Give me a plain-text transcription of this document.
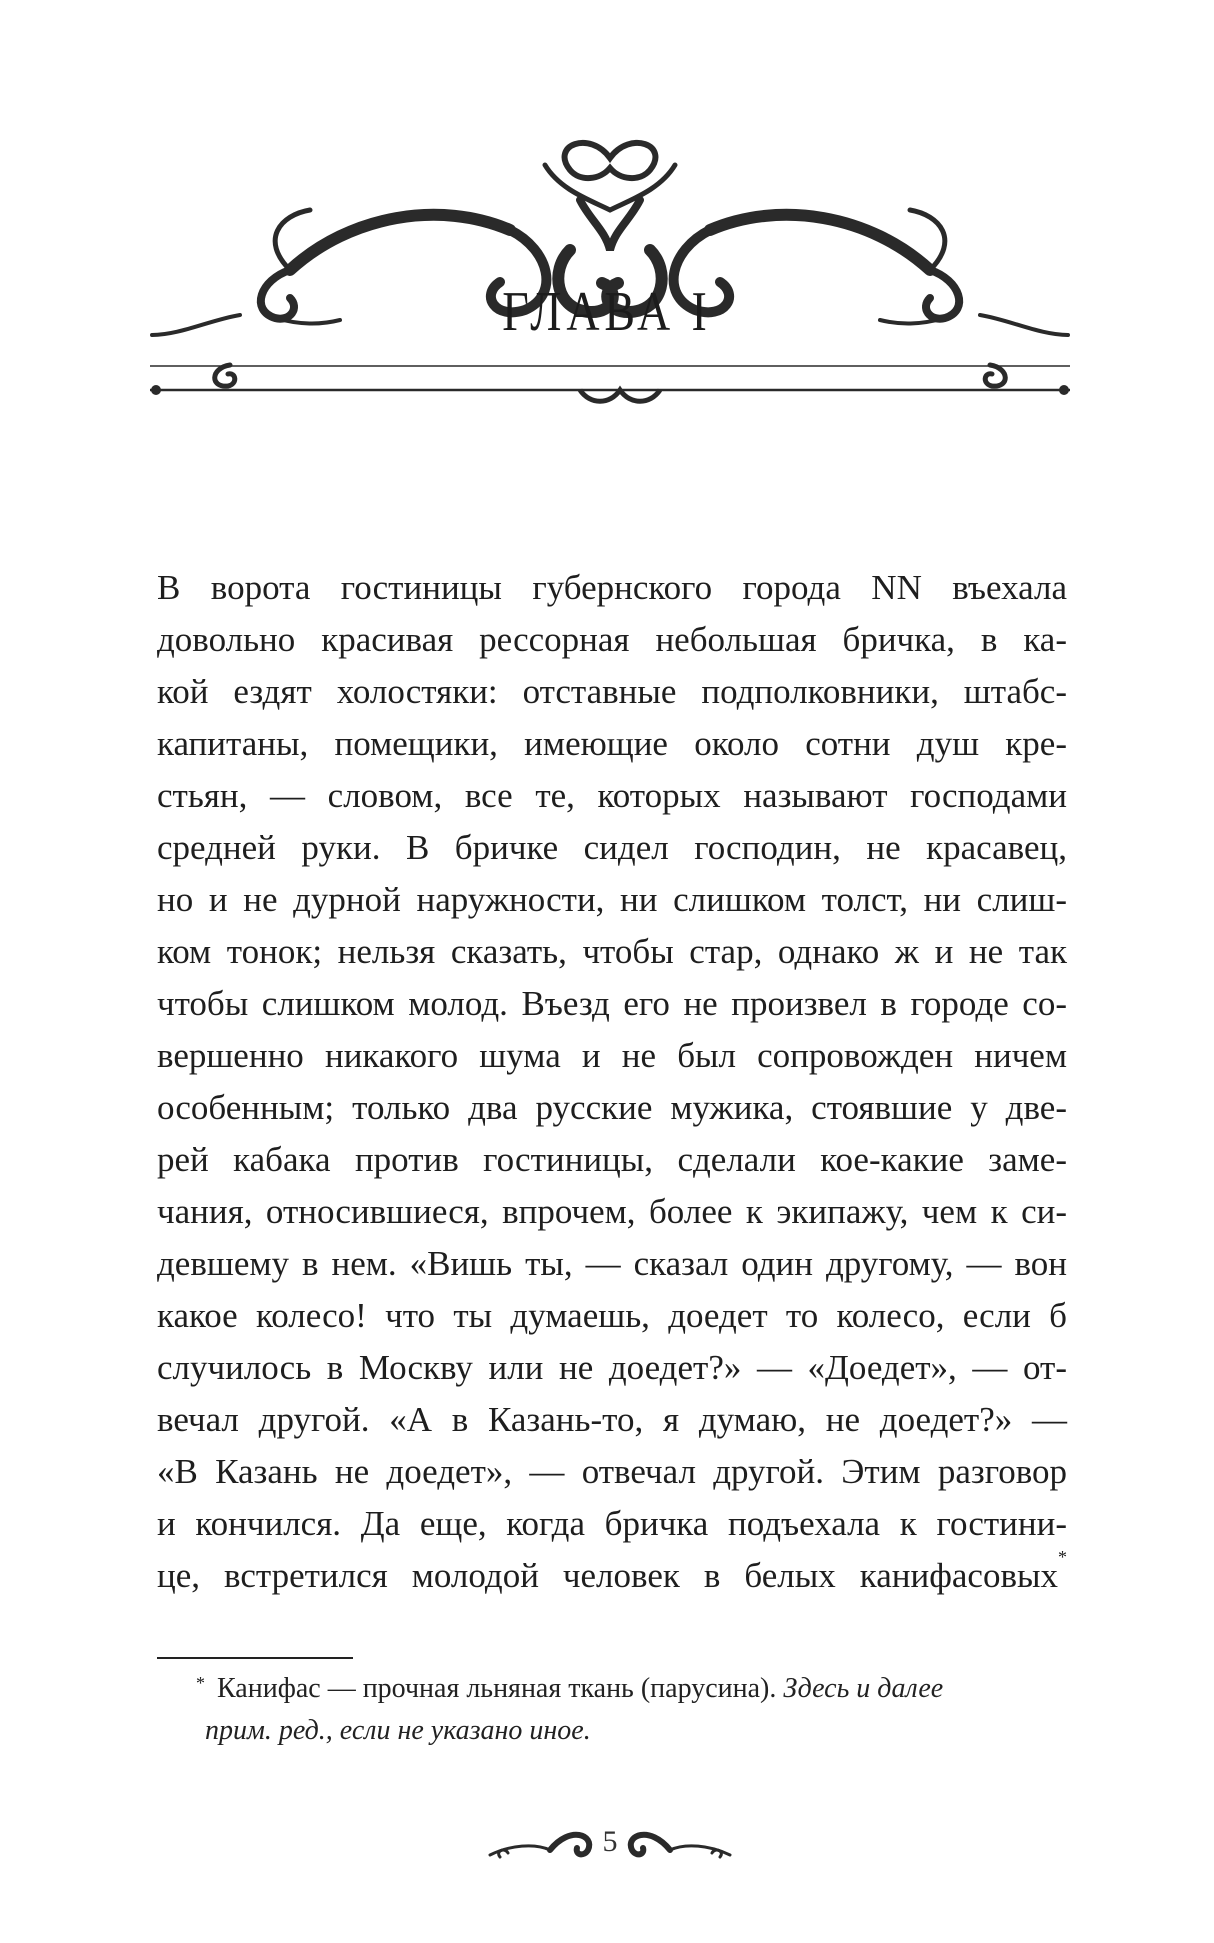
ГЛАВА I
В ворота гостиницы губернского города NN въехала
довольно красивая рессорная небольшая бричка, в ка-
кой ездят холостяки: отставные подполковники, штабс-
капитаны, помещики, имеющие около сотни душ кре-
стьян, — словом, все те, которых называют господами
средней руки. В бричке сидел господин, не красавец,
но и не дурной наружности, ни слишком толст, ни слиш-
ком тонок; нельзя сказать, чтобы стар, однако ж и не так
чтобы слишком молод. Въезд его не произвел в городе со-
вершенно никакого шума и не был сопровожден ничем
особенным; только два русские мужика, стоявшие у две-
рей кабака против гостиницы, сделали кое-какие заме-
чания, относившиеся, впрочем, более к экипажу, чем к си-
девшему в нем. «Вишь ты, — сказал один другому, — вон
какое колесо! что ты думаешь, доедет то колесо, если б
случилось в Москву или не доедет?» — «Доедет», — от-
вечал другой. «А в Казань-то, я думаю, не доедет?» —
«В Казань не доедет», — отвечал другой. Этим разговор
и кончился. Да еще, когда бричка подъехала к гостини-
це, встретился молодой человек в белых канифасовых*
* Канифас — прочная льняная ткань (парусина). Здесь и далее
прим. ред., если не указано иное.
5
